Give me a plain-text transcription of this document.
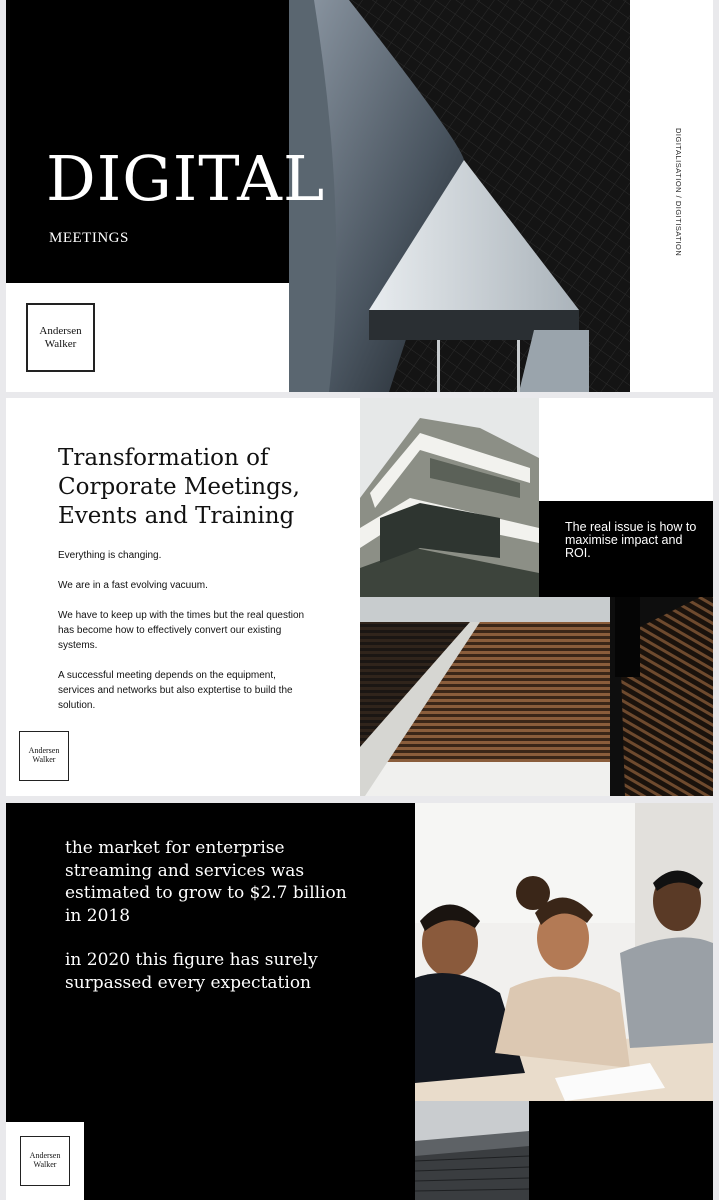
DIGITAL
MEETINGS	DIGITALISATION / DIGITISATION
Andersen
Walker
Transformation of
Corporate Meetings,
Events and Training

Everything is changing.

We are in a fast evolving vacuum.

We have to keep up with the times but the real question has become how to effectively convert our existing systems.

A successful meeting depends on the equipment, services and networks but also exptertise to build the solution.

The real issue is how to maximise impact and ROI.
Andersen
Walker

the market for enterprise streaming and services was estimated to grow to $2.7 billion in 2018

in 2020 this figure has surely surpassed every expectation

Andersen
Walker
